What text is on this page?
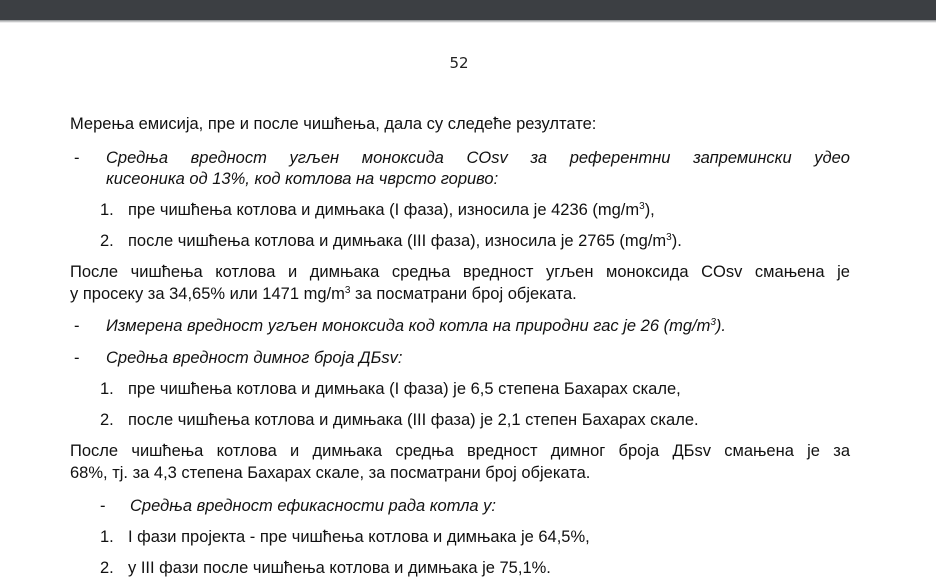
52
Мерења емисија, пре и после чишћења, дала су следеће резултате:
- Средња вредност угљен моноксида COsv за референтни запремински удео
кисеоника од 13%, код котлова на чврсто гориво:
1. пре чишћења котлова и димњака (I фаза), износила је 4236 $(mg/m^3)$,
2. после чишћења котлова и димњака (III фаза), износила је 2765 $(mg/m^3)$.
После чишћења котлова и димњака средња вредност угљен моноксида COsv смањена је
у просеку за 34,65% или 1471 $mg/m^3$ за посматрани број објеката.
- Измерена вредност угљен моноксида код котла на природни гас је 26 $(mg/m^3)$.
- Средња вредност димног броја ДБsv:
1. пре чишћења котлова и димњака (I фаза) је 6,5 степена Бахарах скале,
2. после чишћења котлова и димњака (III фаза) је 2,1 степен Бахарах скале.
После чишћења котлова и димњака средња вредност димног броја ДБsv смањена је за
68%, тј. за 4,3 степена Бахарах скале, за посматрани број објеката.
- Средња вредност ефикасности рада котла у:
1. I фази пројекта - пре чишћења котлова и димњака је 64,5%,
2. у III фази после чишћења котлова и димњака је 75,1%.
